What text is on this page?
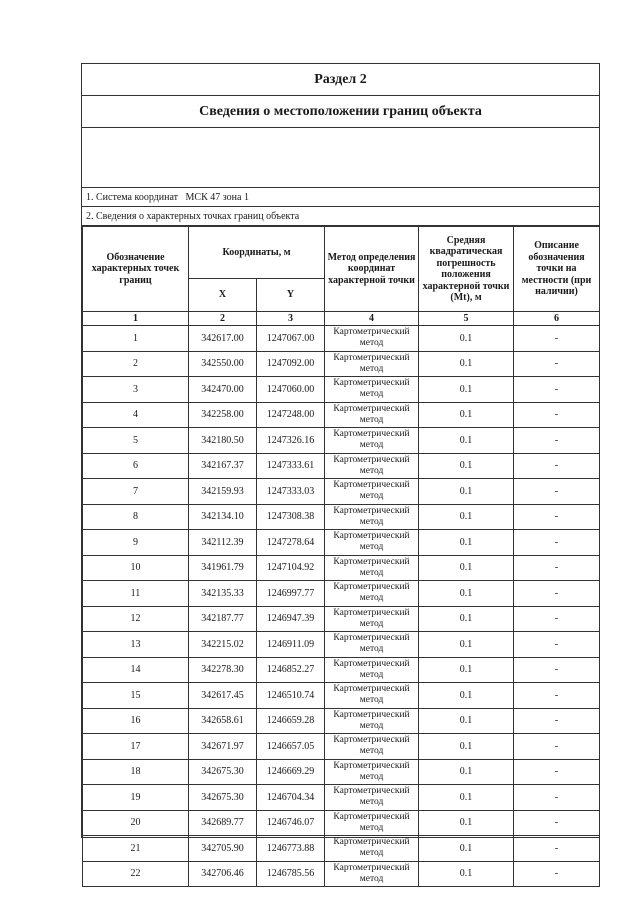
Раздел 2
Сведения о местоположении границ объекта
1. Система координат МСК 47 зона 1
2. Сведения о характерных точках границ объекта
Обозначение характерных точек границ	Координаты, м		Метод определения координат характерной точки	Средняя квадратическая погрешность положения характерной точки (Mt), м	Описание обозначения точки на местности (при наличии)
	X	Y			
1	2	3	4	5	6
1	342617.00	1247067.00	Картометрический метод	0.1	-
2	342550.00	1247092.00	Картометрический метод	0.1	-
3	342470.00	1247060.00	Картометрический метод	0.1	-
4	342258.00	1247248.00	Картометрический метод	0.1	-
5	342180.50	1247326.16	Картометрический метод	0.1	-
6	342167.37	1247333.61	Картометрический метод	0.1	-
7	342159.93	1247333.03	Картометрический метод	0.1	-
8	342134.10	1247308.38	Картометрический метод	0.1	-
9	342112.39	1247278.64	Картометрический метод	0.1	-
10	341961.79	1247104.92	Картометрический метод	0.1	-
11	342135.33	1246997.77	Картометрический метод	0.1	-
12	342187.77	1246947.39	Картометрический метод	0.1	-
13	342215.02	1246911.09	Картометрический метод	0.1	-
14	342278.30	1246852.27	Картометрический метод	0.1	-
15	342617.45	1246510.74	Картометрический метод	0.1	-
16	342658.61	1246659.28	Картометрический метод	0.1	-
17	342671.97	1246657.05	Картометрический метод	0.1	-
18	342675.30	1246669.29	Картометрический метод	0.1	-
19	342675.30	1246704.34	Картометрический метод	0.1	-
20	342689.77	1246746.07	Картометрический метод	0.1	-
21	342705.90	1246773.88	Картометрический метод	0.1	-
22	342706.46	1246785.56	Картометрический метод	0.1	-
